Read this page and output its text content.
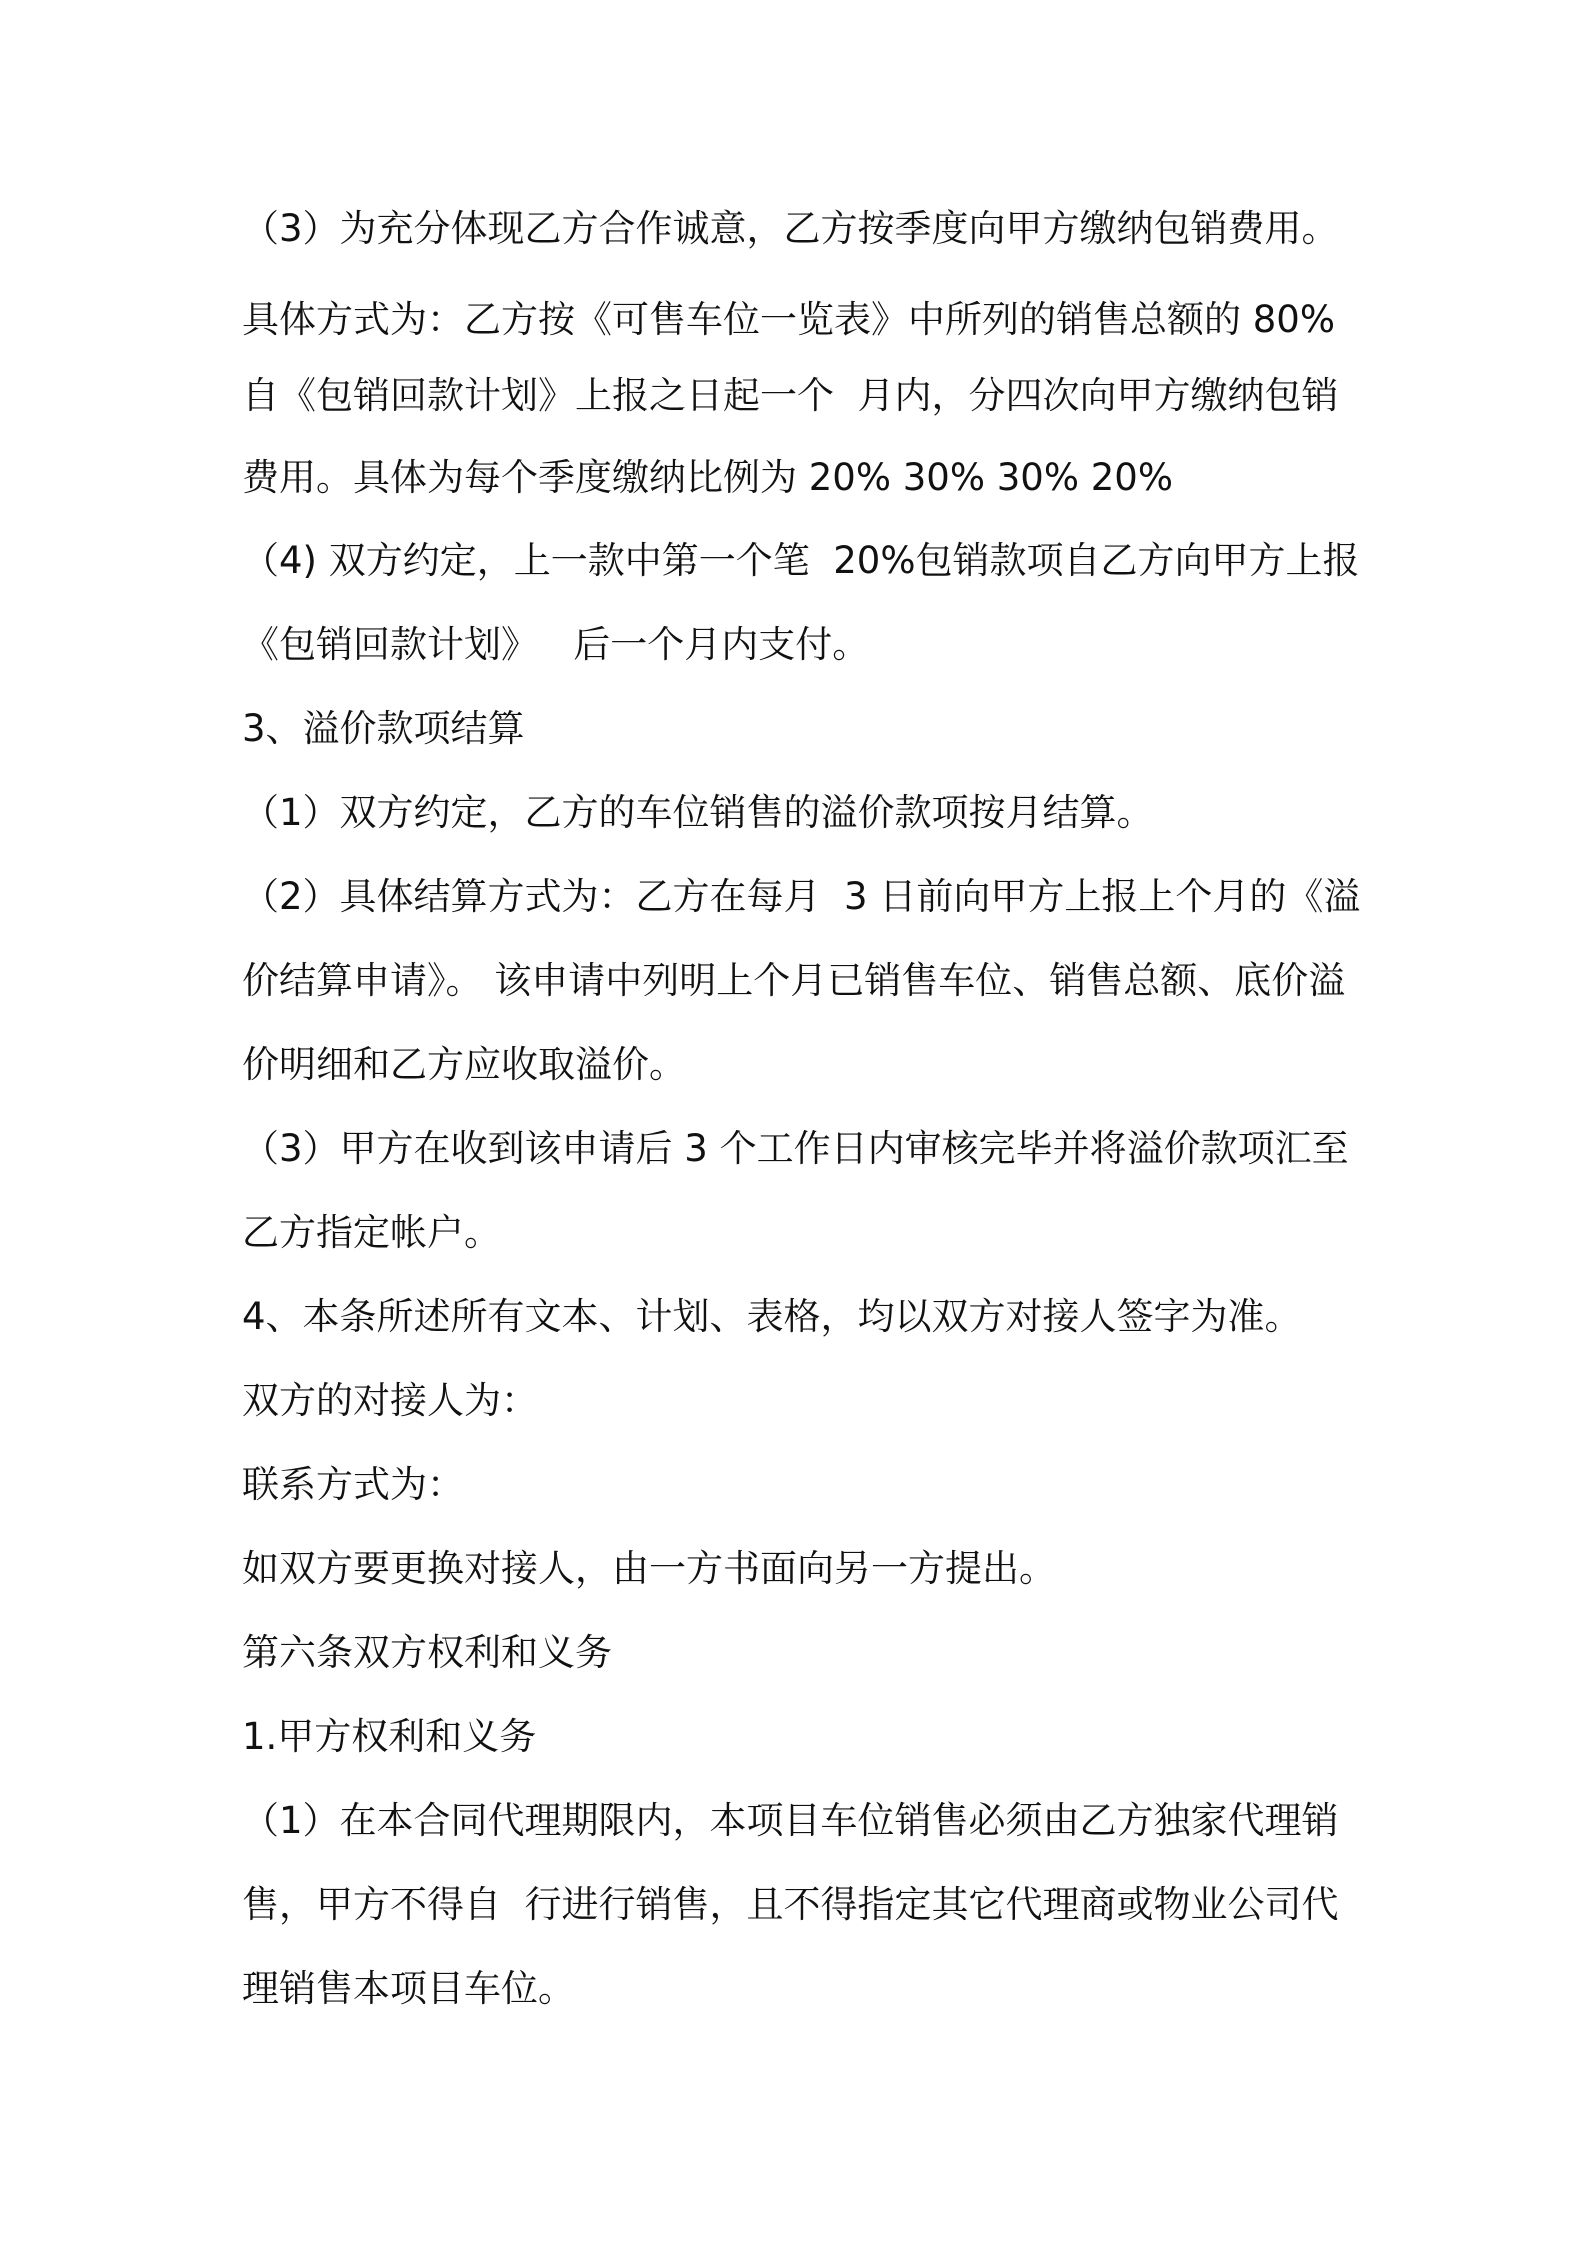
（3）为充分体现乙方合作诚意，乙方按季度向甲方缴纳包销费用。
具体方式为：乙方按《可售车位一览表》中所列的销售总额的 80%
自《包销回款计划》上报之日起一个  月内，分四次向甲方缴纳包销
费用。具体为每个季度缴纳比例为 20% 30% 30% 20%
（4) 双方约定，上一款中第一个笔  20%包销款项自乙方向甲方上报
《包销回款计划》   后一个月内支付。
3、溢价款项结算
（1）双方约定，乙方的车位销售的溢价款项按月结算。
（2）具体结算方式为：乙方在每月  3 日前向甲方上报上个月的《溢
价结算申请》。 该申请中列明上个月已销售车位、销售总额、底价溢
价明细和乙方应收取溢价。
（3）甲方在收到该申请后 3 个工作日内审核完毕并将溢价款项汇至
乙方指定帐户。
4、本条所述所有文本、计划、表格，均以双方对接人签字为准。
双方的对接人为：
联系方式为：
如双方要更换对接人，由一方书面向另一方提出。
第六条双方权利和义务
1.甲方权利和义务
（1）在本合同代理期限内，本项目车位销售必须由乙方独家代理销
售，甲方不得自  行进行销售，且不得指定其它代理商或物业公司代
理销售本项目车位。
